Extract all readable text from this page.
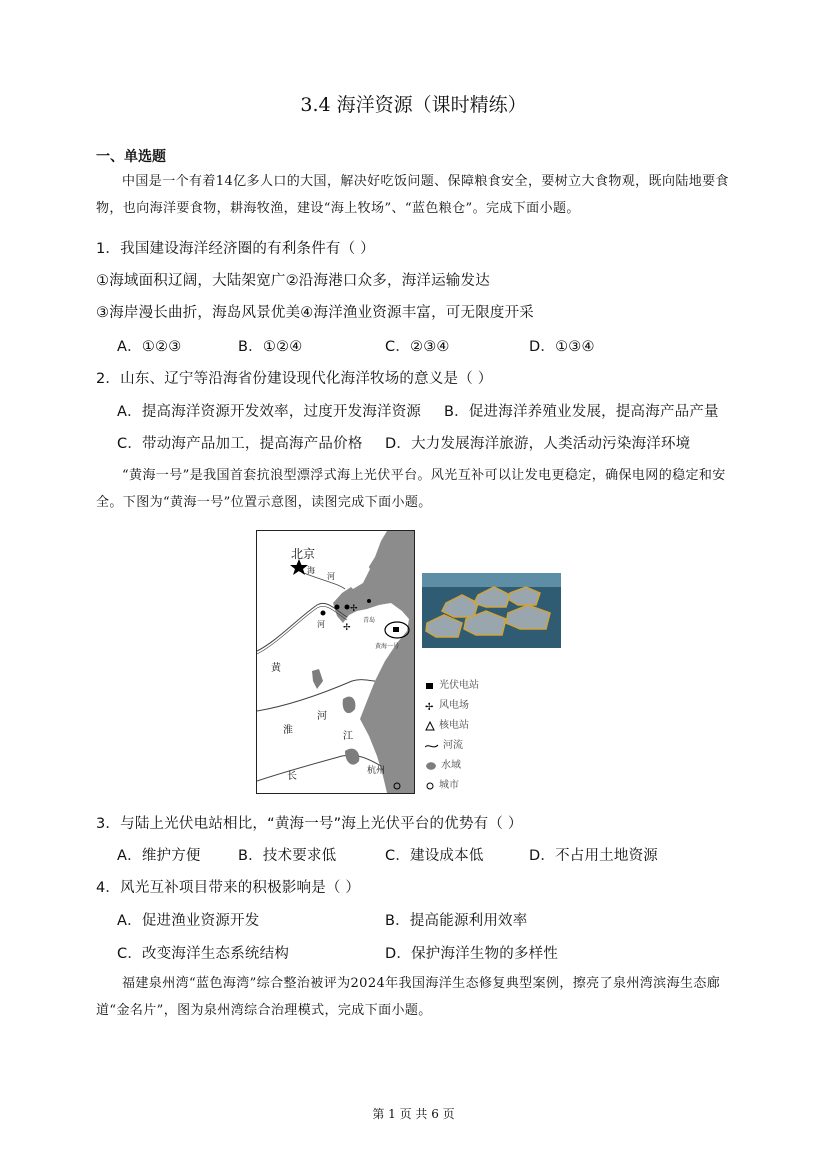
3.4 海洋资源（课时精练）
一、单选题
中国是一个有着14亿多人口的大国，解决好吃饭问题、保障粮食安全，要树立大食物观，既向陆地要食物，也向海洋要食物，耕海牧渔，建设“海上牧场”、“蓝色粮仓”。完成下面小题。
1．我国建设海洋经济圈的有利条件有（ ）
①海域面积辽阔，大陆架宽广②沿海港口众多，海洋运输发达
③海岸漫长曲折，海岛风景优美④海洋渔业资源丰富，可无限度开采
A．①②③	B．①②④	C．②③④	D．①③④
2．山东、辽宁等沿海省份建设现代化海洋牧场的意义是（ ）
A．提高海洋资源开发效率，过度开发海洋资源 B．促进海洋养殖业发展，提高海产品产量
C．带动海产品加工，提高海产品价格 D．大力发展海洋旅游，人类活动污染海洋环境
“黄海一号”是我国首套抗浪型漂浮式海上光伏平台。风光互补可以让发电更稳定，确保电网的稳定和安全。下图为“黄海一号”位置示意图，读图完成下面小题。
✢
✢
北京
海
河
河
黄
淮
河
江
长	杭州
黄海一号
青岛
光伏电站
✢ 风电场
核电站
河流
水域
城市
3．与陆上光伏电站相比，“黄海一号”海上光伏平台的优势有（ ）
A．维护方便	B．技术要求低	C．建设成本低	D．不占用土地资源
4．风光互补项目带来的积极影响是（ ）
A．促进渔业资源开发	B．提高能源利用效率
C．改变海洋生态系统结构	D．保护海洋生物的多样性
福建泉州湾“蓝色海湾”综合整治被评为2024年我国海洋生态修复典型案例，擦亮了泉州湾滨海生态廊道“金名片”，图为泉州湾综合治理模式，完成下面小题。
第 1 页 共 6 页
